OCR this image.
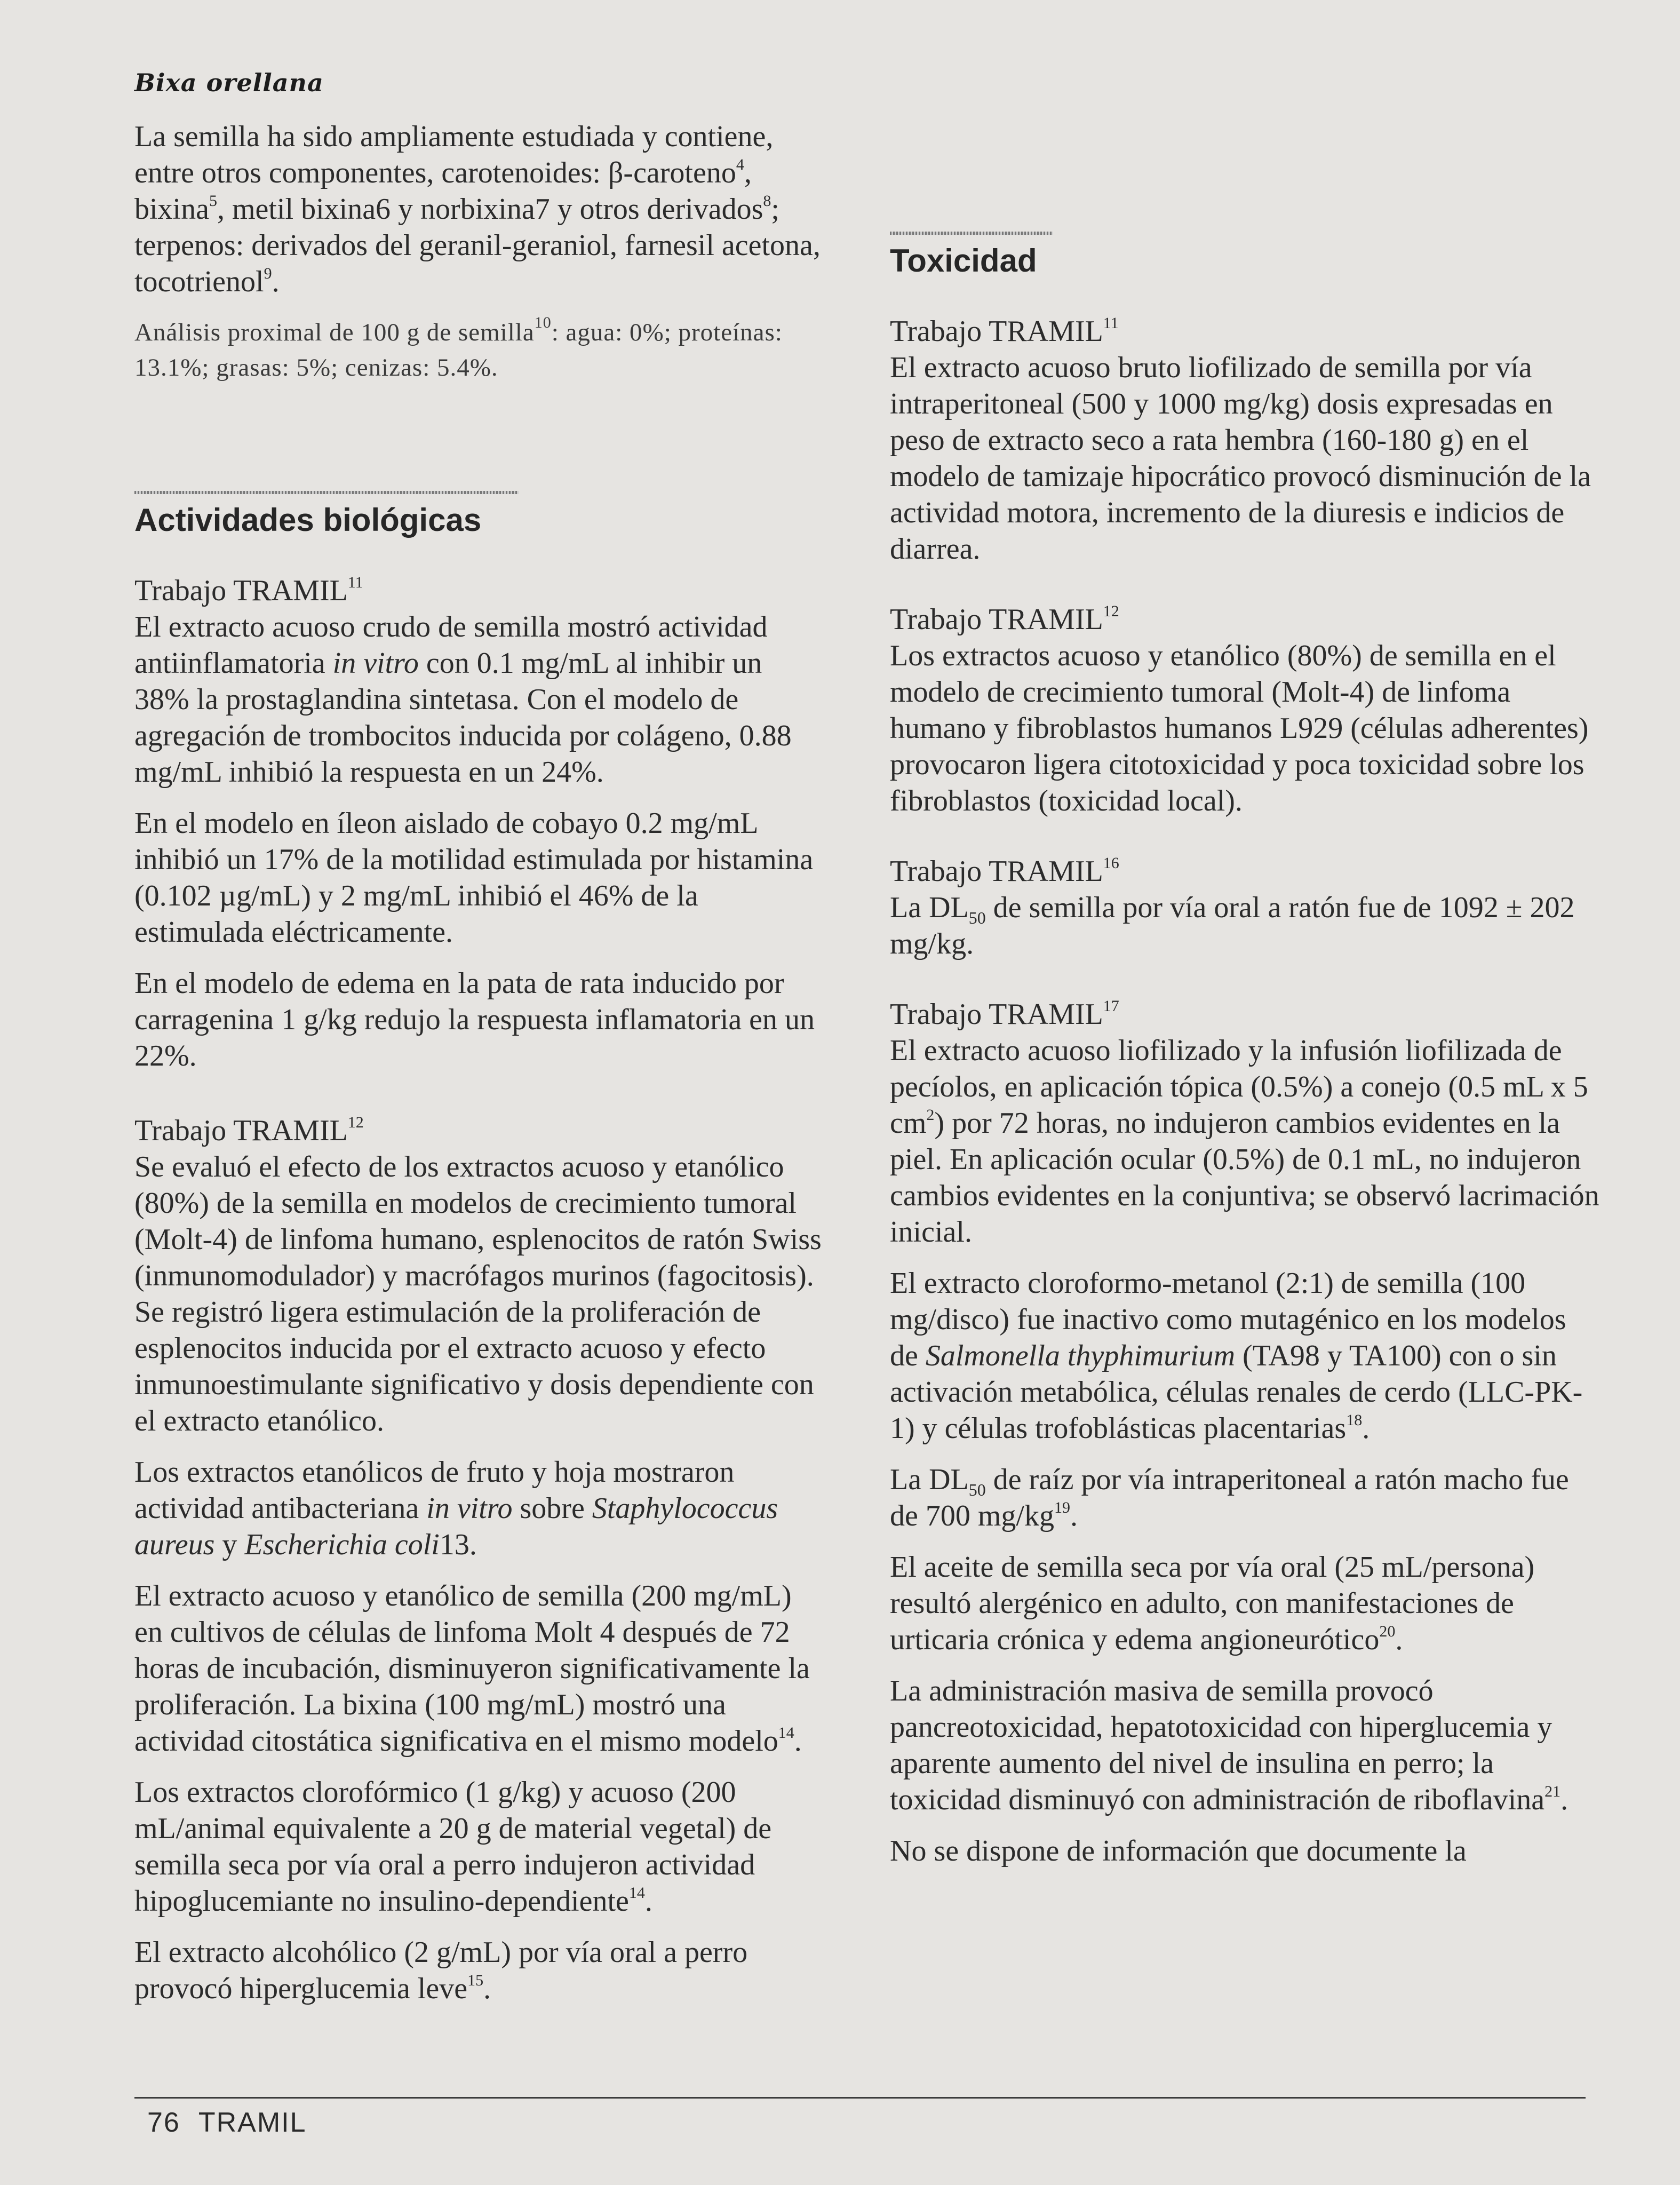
Bixa orellana

La semilla ha sido ampliamente estudiada y contiene, entre otros componentes, carotenoides: β-caroteno$^4$, bixina$^5$, metil bixina6 y norbixina7 y otros derivados$^8$; terpenos: derivados del geranil-geraniol, farnesil acetona, tocotrienol$^9$.

Análisis proximal de 100 g de semilla$^{10}$: agua: 0%; proteínas: 13.1%; grasas: 5%; cenizas: 5.4%.

Actividades biológicas
Trabajo TRAMIL$^{11}$

El extracto acuoso crudo de semilla mostró actividad antiinflamatoria in vitro con 0.1 mg/mL al inhibir un 38% la prostaglandina sintetasa. Con el modelo de agregación de trombocitos inducida por colágeno, 0.88 mg/mL inhibió la respuesta en un 24%.

En el modelo en íleon aislado de cobayo 0.2 mg/mL inhibió un 17% de la motilidad estimulada por histamina (0.102 µg/mL) y 2 mg/mL inhibió el 46% de la estimulada eléctricamente.

En el modelo de edema en la pata de rata inducido por carragenina 1 g/kg redujo la respuesta inflamatoria en un 22%.

Trabajo TRAMIL$^{12}$

Se evaluó el efecto de los extractos acuoso y etanólico (80%) de la semilla en modelos de crecimiento tumoral (Molt-4) de linfoma humano, esplenocitos de ratón Swiss (inmunomodulador) y macrófagos murinos (fagocitosis). Se registró ligera estimulación de la proliferación de esplenocitos inducida por el extracto acuoso y efecto inmunoestimulante significativo y dosis dependiente con el extracto etanólico.

Los extractos etanólicos de fruto y hoja mostraron actividad antibacteriana in vitro sobre Staphylococcus aureus y Escherichia coli13.

El extracto acuoso y etanólico de semilla (200 mg/mL) en cultivos de células de linfoma Molt 4 después de 72 horas de incubación, disminuyeron significativamente la proliferación. La bixina (100 mg/mL) mostró una actividad citostática significativa en el mismo modelo$^{14}$.

Los extractos clorofórmico (1 g/kg) y acuoso (200 mL/animal equivalente a 20 g de material vegetal) de semilla seca por vía oral a perro indujeron actividad hipoglucemiante no insulino-dependiente$^{14}$.

El extracto alcohólico (2 g/mL) por vía oral a perro provocó hiperglucemia leve$^{15}$.

Toxicidad
Trabajo TRAMIL$^{11}$

El extracto acuoso bruto liofilizado de semilla por vía intraperitoneal (500 y 1000 mg/kg) dosis expresadas en peso de extracto seco a rata hembra (160-180 g) en el modelo de tamizaje hipocrático provocó disminución de la actividad motora, incremento de la diuresis e indicios de diarrea.

Trabajo TRAMIL$^{12}$

Los extractos acuoso y etanólico (80%) de semilla en el modelo de crecimiento tumoral (Molt-4) de linfoma humano y fibroblastos humanos L929 (células adherentes) provocaron ligera citotoxicidad y poca toxicidad sobre los fibroblastos (toxicidad local).

Trabajo TRAMIL$^{16}$

La $DL_{50}$ de semilla por vía oral a ratón fue de 1092 ± 202 mg/kg.

Trabajo TRAMIL$^{17}$

El extracto acuoso liofilizado y la infusión liofilizada de pecíolos, en aplicación tópica (0.5%) a conejo (0.5 mL x 5 $cm^2$) por 72 horas, no indujeron cambios evidentes en la piel. En aplicación ocular (0.5%) de 0.1 mL, no indujeron cambios evidentes en la conjuntiva; se observó lacrimación inicial.

El extracto cloroformo-metanol (2:1) de semilla (100 mg/disco) fue inactivo como mutagénico en los modelos de Salmonella thyphimurium (TA98 y TA100) con o sin activación metabólica, células renales de cerdo (LLC-PK-1) y células trofoblásticas placentarias$^{18}$.

La $DL_{50}$ de raíz por vía intraperitoneal a ratón macho fue de 700 $mg/kg^{19}$.

El aceite de semilla seca por vía oral (25 mL/persona) resultó alergénico en adulto, con manifestaciones de urticaria crónica y edema angioneurótico$^{20}$.

La administración masiva de semilla provocó pancreotoxicidad, hepatotoxicidad con hiperglucemia y aparente aumento del nivel de insulina en perro; la toxicidad disminuyó con administración de riboflavina$^{21}$.

No se dispone de información que documente la

76 TRAMIL
